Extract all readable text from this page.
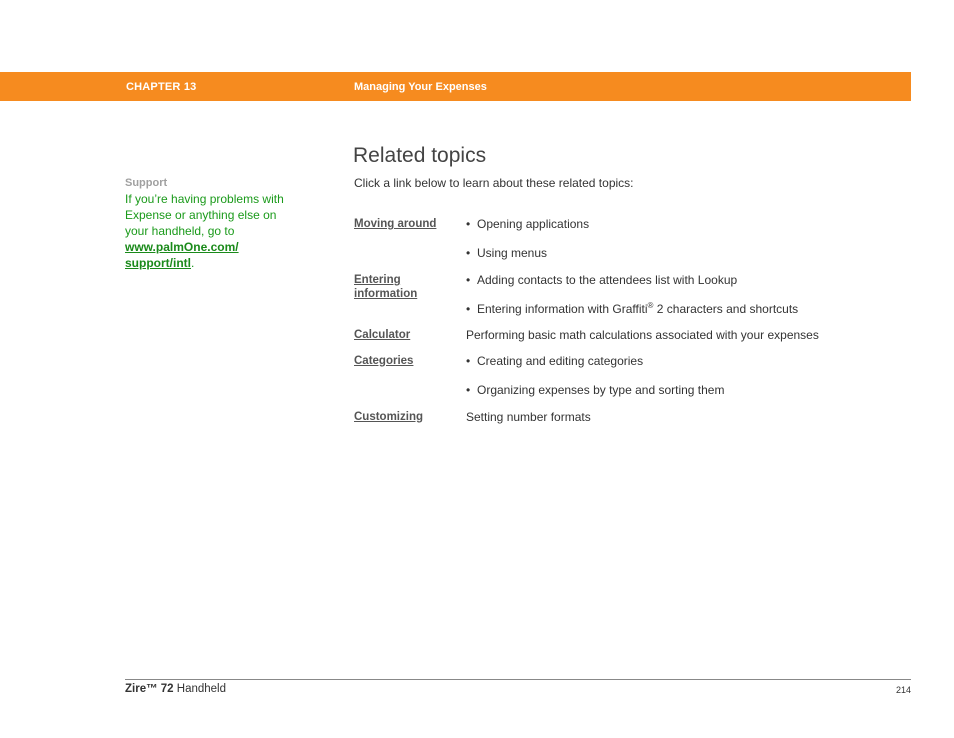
CHAPTER 13	Managing Your Expenses
Support
If you’re having problems with Expense or anything else on your handheld, go to www.palmOne.com/
support/intl.
Related topics
Click a link below to learn about these related topics:
Moving around	• Opening applications
• Using menus
Entering
information
• Adding contacts to the attendees list with Lookup
• Entering information with Graffiti® 2 characters and shortcuts
Calculator	Performing basic math calculations associated with your expenses
Categories	• Creating and editing categories
• Organizing expenses by type and sorting them
Customizing	Setting number formats
Zire™ 72 Handheld	214
